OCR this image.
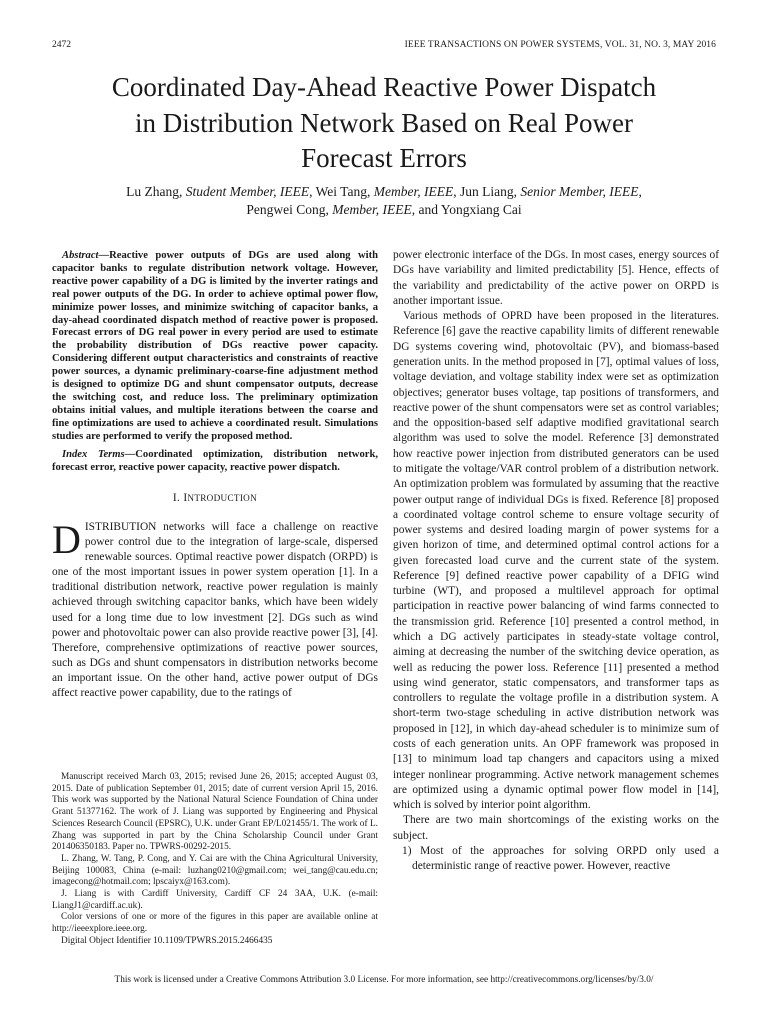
2472	IEEE TRANSACTIONS ON POWER SYSTEMS, VOL. 31, NO. 3, MAY 2016
Coordinated Day-Ahead Reactive Power Dispatch
in Distribution Network Based on Real Power
Forecast Errors
Lu Zhang, Student Member, IEEE, Wei Tang, Member, IEEE, Jun Liang, Senior Member, IEEE,
Pengwei Cong, Member, IEEE, and Yongxiang Cai

Abstract—Reactive power outputs of DGs are used along with capacitor banks to regulate distribution network voltage. However, reactive power capability of a DG is limited by the inverter ratings and real power outputs of the DG. In order to achieve optimal power flow, minimize power losses, and minimize switching of capacitor banks, a day-ahead coordinated dispatch method of reactive power is proposed. Forecast errors of DG real power in every period are used to estimate the probability distribution of DGs reactive power capacity. Considering different output characteristics and constraints of reactive power sources, a dynamic preliminary-coarse-fine adjustment method is designed to optimize DG and shunt compensator outputs, decrease the switching cost, and reduce loss. The preliminary optimization obtains initial values, and multiple iterations between the coarse and fine optimizations are used to achieve a coordinated result. Simulations studies are performed to verify the proposed method.

Index Terms—Coordinated optimization, distribution network, forecast error, reactive power capacity, reactive power dispatch.

I. INTRODUCTION

DISTRIBUTION networks will face a challenge on reactive power control due to the integration of large-scale, dispersed renewable sources. Optimal reactive power dispatch (ORPD) is one of the most important issues in power system operation [1]. In a traditional distribution network, reactive power regulation is mainly achieved through switching capacitor banks, which have been widely used for a long time due to low investment [2]. DGs such as wind power and photovoltaic power can also provide reactive power [3], [4]. Therefore, comprehensive optimizations of reactive power sources, such as DGs and shunt compensators in distribution networks become an important issue. On the other hand, active power output of DGs affect reactive power capability, due to the ratings of

Manuscript received March 03, 2015; revised June 26, 2015; accepted August 03, 2015. Date of publication September 01, 2015; date of current version April 15, 2016. This work was supported by the National Natural Science Foundation of China under Grant 51377162. The work of J. Liang was supported by Engineering and Physical Sciences Research Council (EPSRC), U.K. under Grant EP/L021455/1. The work of L. Zhang was supported in part by the China Scholarship Council under Grant 201406350183. Paper no. TPWRS-00292-2015.

L. Zhang, W. Tang, P. Cong, and Y. Cai are with the China Agricultural University, Beijing 100083, China (e-mail: luzhang0210@gmail.com; wei_tang@cau.edu.cn; imagecong@hotmail.com; lpscaiyx@163.com).

J. Liang is with Cardiff University, Cardiff CF 24 3AA, U.K. (e-mail: LiangJ1@cardiff.ac.uk).

Color versions of one or more of the figures in this paper are available online at http://ieeexplore.ieee.org.

Digital Object Identifier 10.1109/TPWRS.2015.2466435

power electronic interface of the DGs. In most cases, energy sources of DGs have variability and limited predictability [5]. Hence, effects of the variability and predictability of the active power on ORPD is another important issue.

Various methods of OPRD have been proposed in the literatures. Reference [6] gave the reactive capability limits of different renewable DG systems covering wind, photovoltaic (PV), and biomass-based generation units. In the method proposed in [7], optimal values of loss, voltage deviation, and voltage stability index were set as optimization objectives; generator buses voltage, tap positions of transformers, and reactive power of the shunt compensators were set as control variables; and the opposition-based self adaptive modified gravitational search algorithm was used to solve the model. Reference [3] demonstrated how reactive power injection from distributed generators can be used to mitigate the voltage/VAR control problem of a distribution network. An optimization problem was formulated by assuming that the reactive power output range of individual DGs is fixed. Reference [8] proposed a coordinated voltage control scheme to ensure voltage security of power systems and desired loading margin of power systems for a given horizon of time, and determined optimal control actions for a given forecasted load curve and the current state of the system. Reference [9] defined reactive power capability of a DFIG wind turbine (WT), and proposed a multilevel approach for optimal participation in reactive power balancing of wind farms connected to the transmission grid. Reference [10] presented a control method, in which a DG actively participates in steady-state voltage control, aiming at decreasing the number of the switching device operation, as well as reducing the power loss. Reference [11] presented a method using wind generator, static compensators, and transformer taps as controllers to regulate the voltage profile in a distribution system. A short-term two-stage scheduling in active distribution network was proposed in [12], in which day-ahead scheduler is to minimize sum of costs of each generation units. An OPF framework was proposed in [13] to minimum load tap changers and capacitors using a mixed integer nonlinear programming. Active network management schemes are optimized using a dynamic optimal power flow model in [14], which is solved by interior point algorithm.

There are two main shortcomings of the existing works on the subject.

1) Most of the approaches for solving ORPD only used a deterministic range of reactive power. However, reactive

This work is licensed under a Creative Commons Attribution 3.0 License. For more information, see http://creativecommons.org/licenses/by/3.0/
